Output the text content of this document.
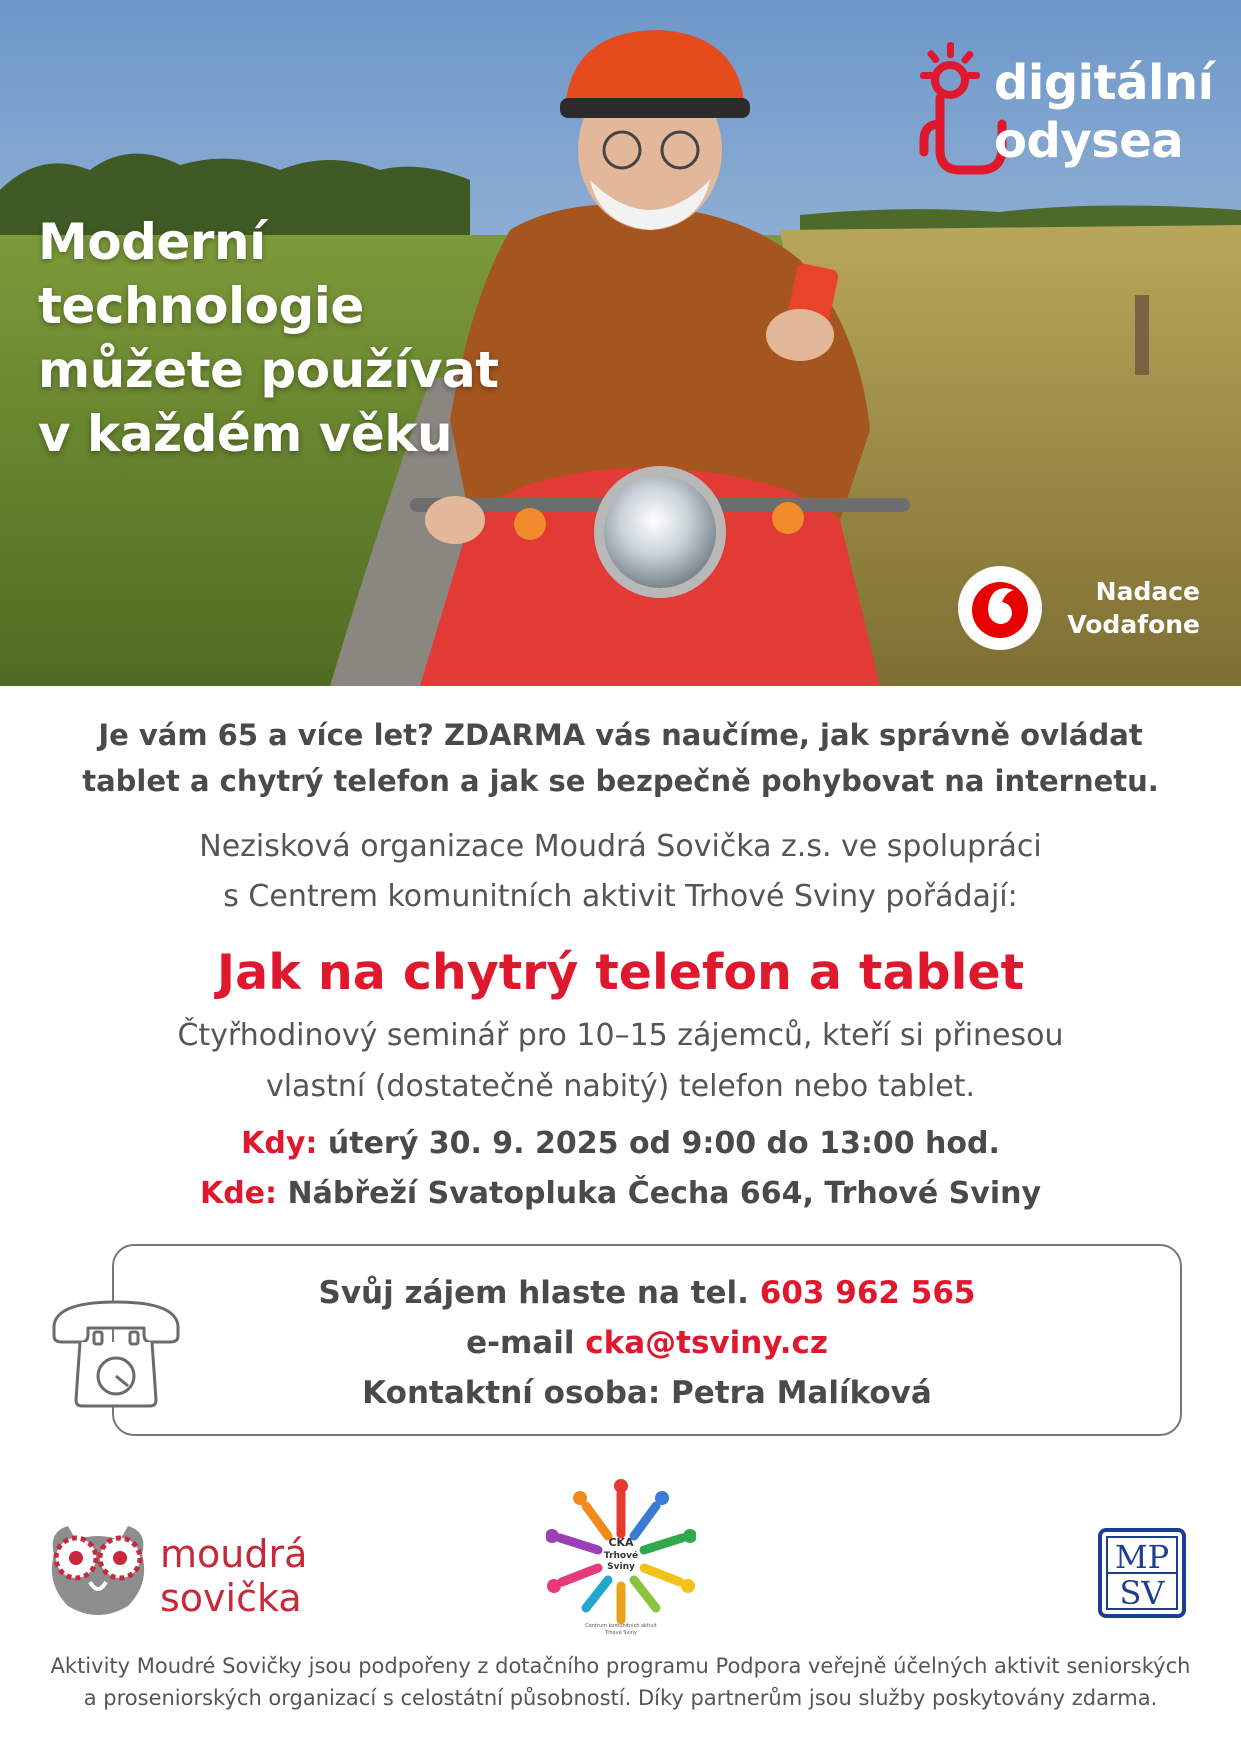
Moderní
technologie
můžete používat
v každém věku
digitální
odysea
Nadace
Vodafone
Je vám 65 a více let? ZDARMA vás naučíme, jak správně ovládat
tablet a chytrý telefon a jak se bezpečně pohybovat na internetu.
Nezisková organizace Moudrá Sovička z.s. ve spolupráci
s Centrem komunitních aktivit Trhové Sviny pořádají:
Jak na chytrý telefon a tablet
Čtyřhodinový seminář pro 10–15 zájemců, kteří si přinesou
vlastní (dostatečně nabitý) telefon nebo tablet.
Kdy: úterý 30. 9. 2025 od 9:00 do 13:00 hod.
Kde: Nábřeží Svatopluka Čecha 664, Trhové Sviny
Svůj zájem hlaste na tel. 603 962 565
e-mail cka@tsviny.cz
Kontaktní osoba: Petra Malíková
moudrá
sovička
CKA
Trhové
Sviny
Centrum komunitních aktivit
Trhové Sviny
MP
SV
Aktivity Moudré Sovičky jsou podpořeny z dotačního programu Podpora veřejně účelných aktivit seniorských
a proseniorských organizací s celostátní působností. Díky partnerům jsou služby poskytovány zdarma.
